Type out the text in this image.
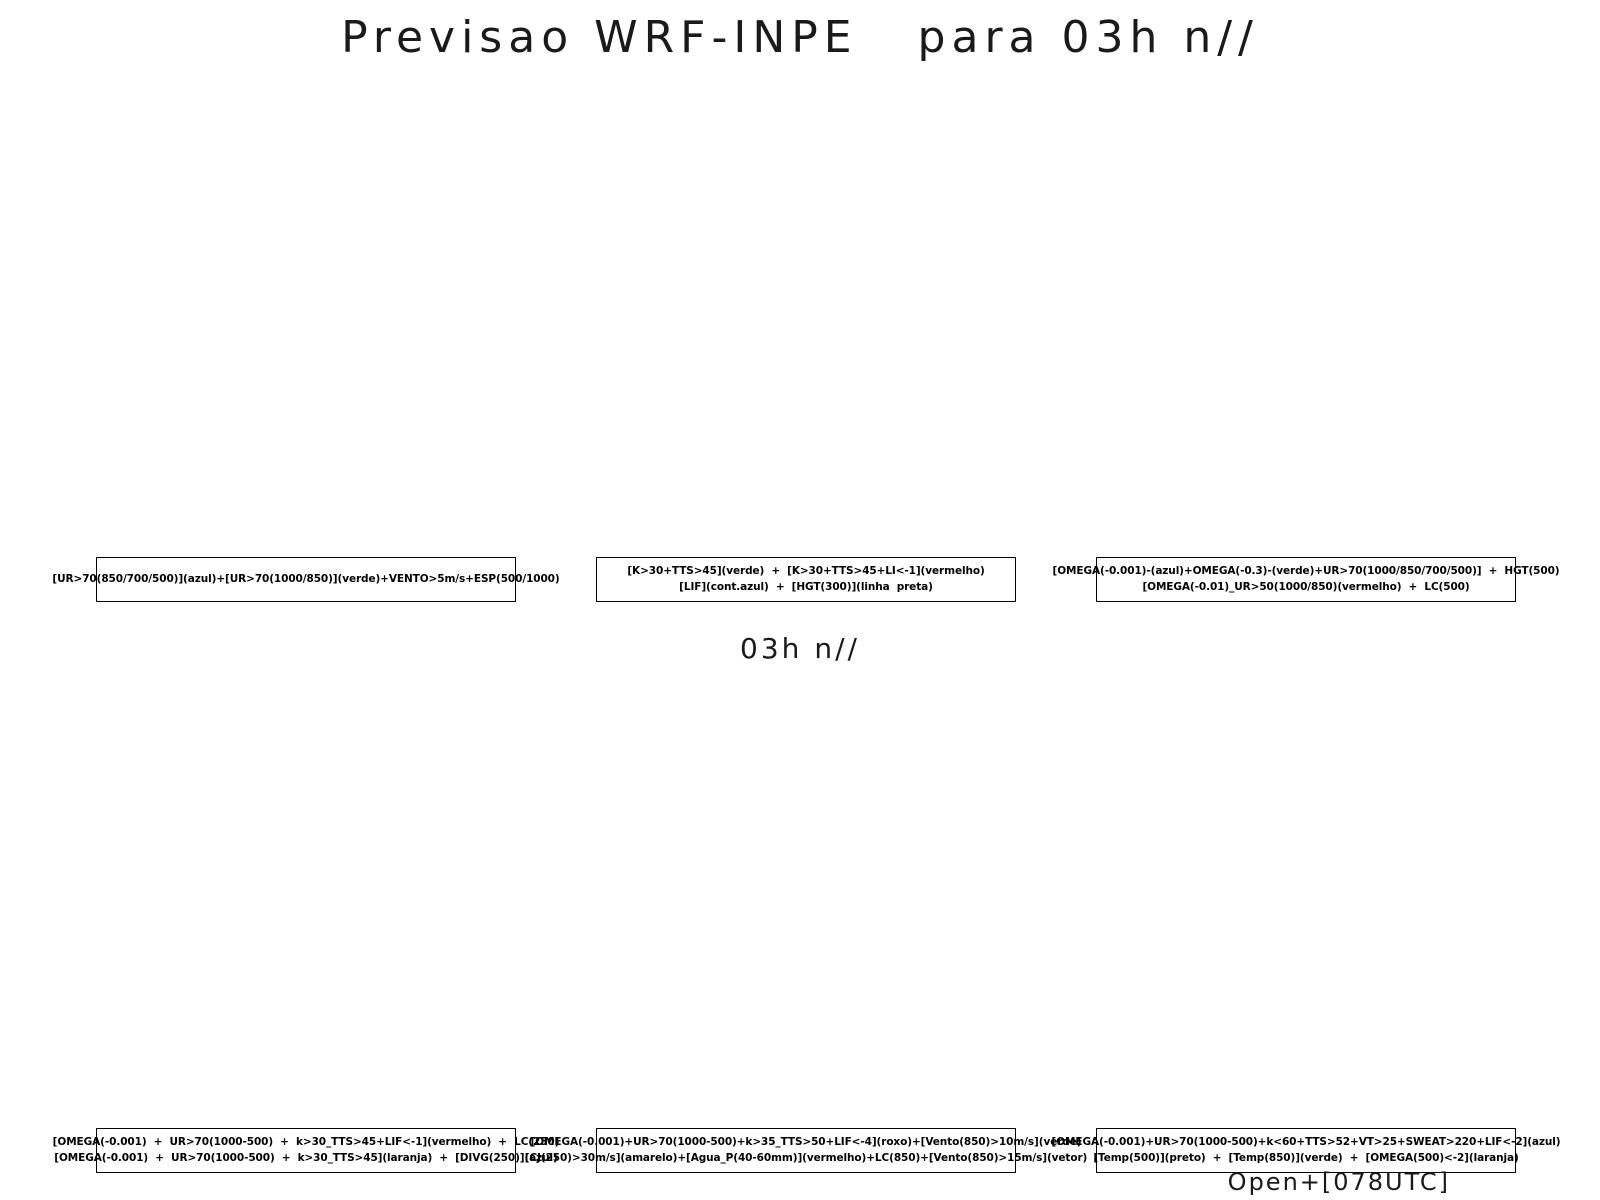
Previsao WRF-INPE   para 03h n//
[UR>70(850/700/500)](azul)+[UR>70(1000/850)](verde)+VENTO>5m/s+ESP(500/1000)
[K>30+TTS>45](verde)  +  [K>30+TTS>45+LI<-1](vermelho)
[LIF](cont.azul)  +  [HGT(300)](linha  preta)
[OMEGA(-0.001)-(azul)+OMEGA(-0.3)-(verde)+UR>70(1000/850/700/500)]  +  HGT(500)
[OMEGA(-0.01)_UR>50(1000/850)(vermelho)  +  LC(500)
03h n//
[OMEGA(-0.001)  +  UR>70(1000-500)  +  k>30_TTS>45+LIF<-1](vermelho)  +  LC(250)
[OMEGA(-0.001)  +  UR>70(1000-500)  +  k>30_TTS>45](laranja)  +  [DIVG(250)](azul)
[OMEGA(-0.001)+UR>70(1000-500)+k>35_TTS>50+LIF<-4](roxo)+[Vento(850)>10m/s](verde)
[CJ(250)>30m/s](amarelo)+[Agua_P(40-60mm)](vermelho)+LC(850)+[Vento(850)>15m/s](vetor)
[OMEGA(-0.001)+UR>70(1000-500)+k<60+TTS>52+VT>25+SWEAT>220+LIF<-2](azul)
[Temp(500)](preto)  +  [Temp(850)](verde)  +  [OMEGA(500)<-2](laranja)
Open+[078UTC]
